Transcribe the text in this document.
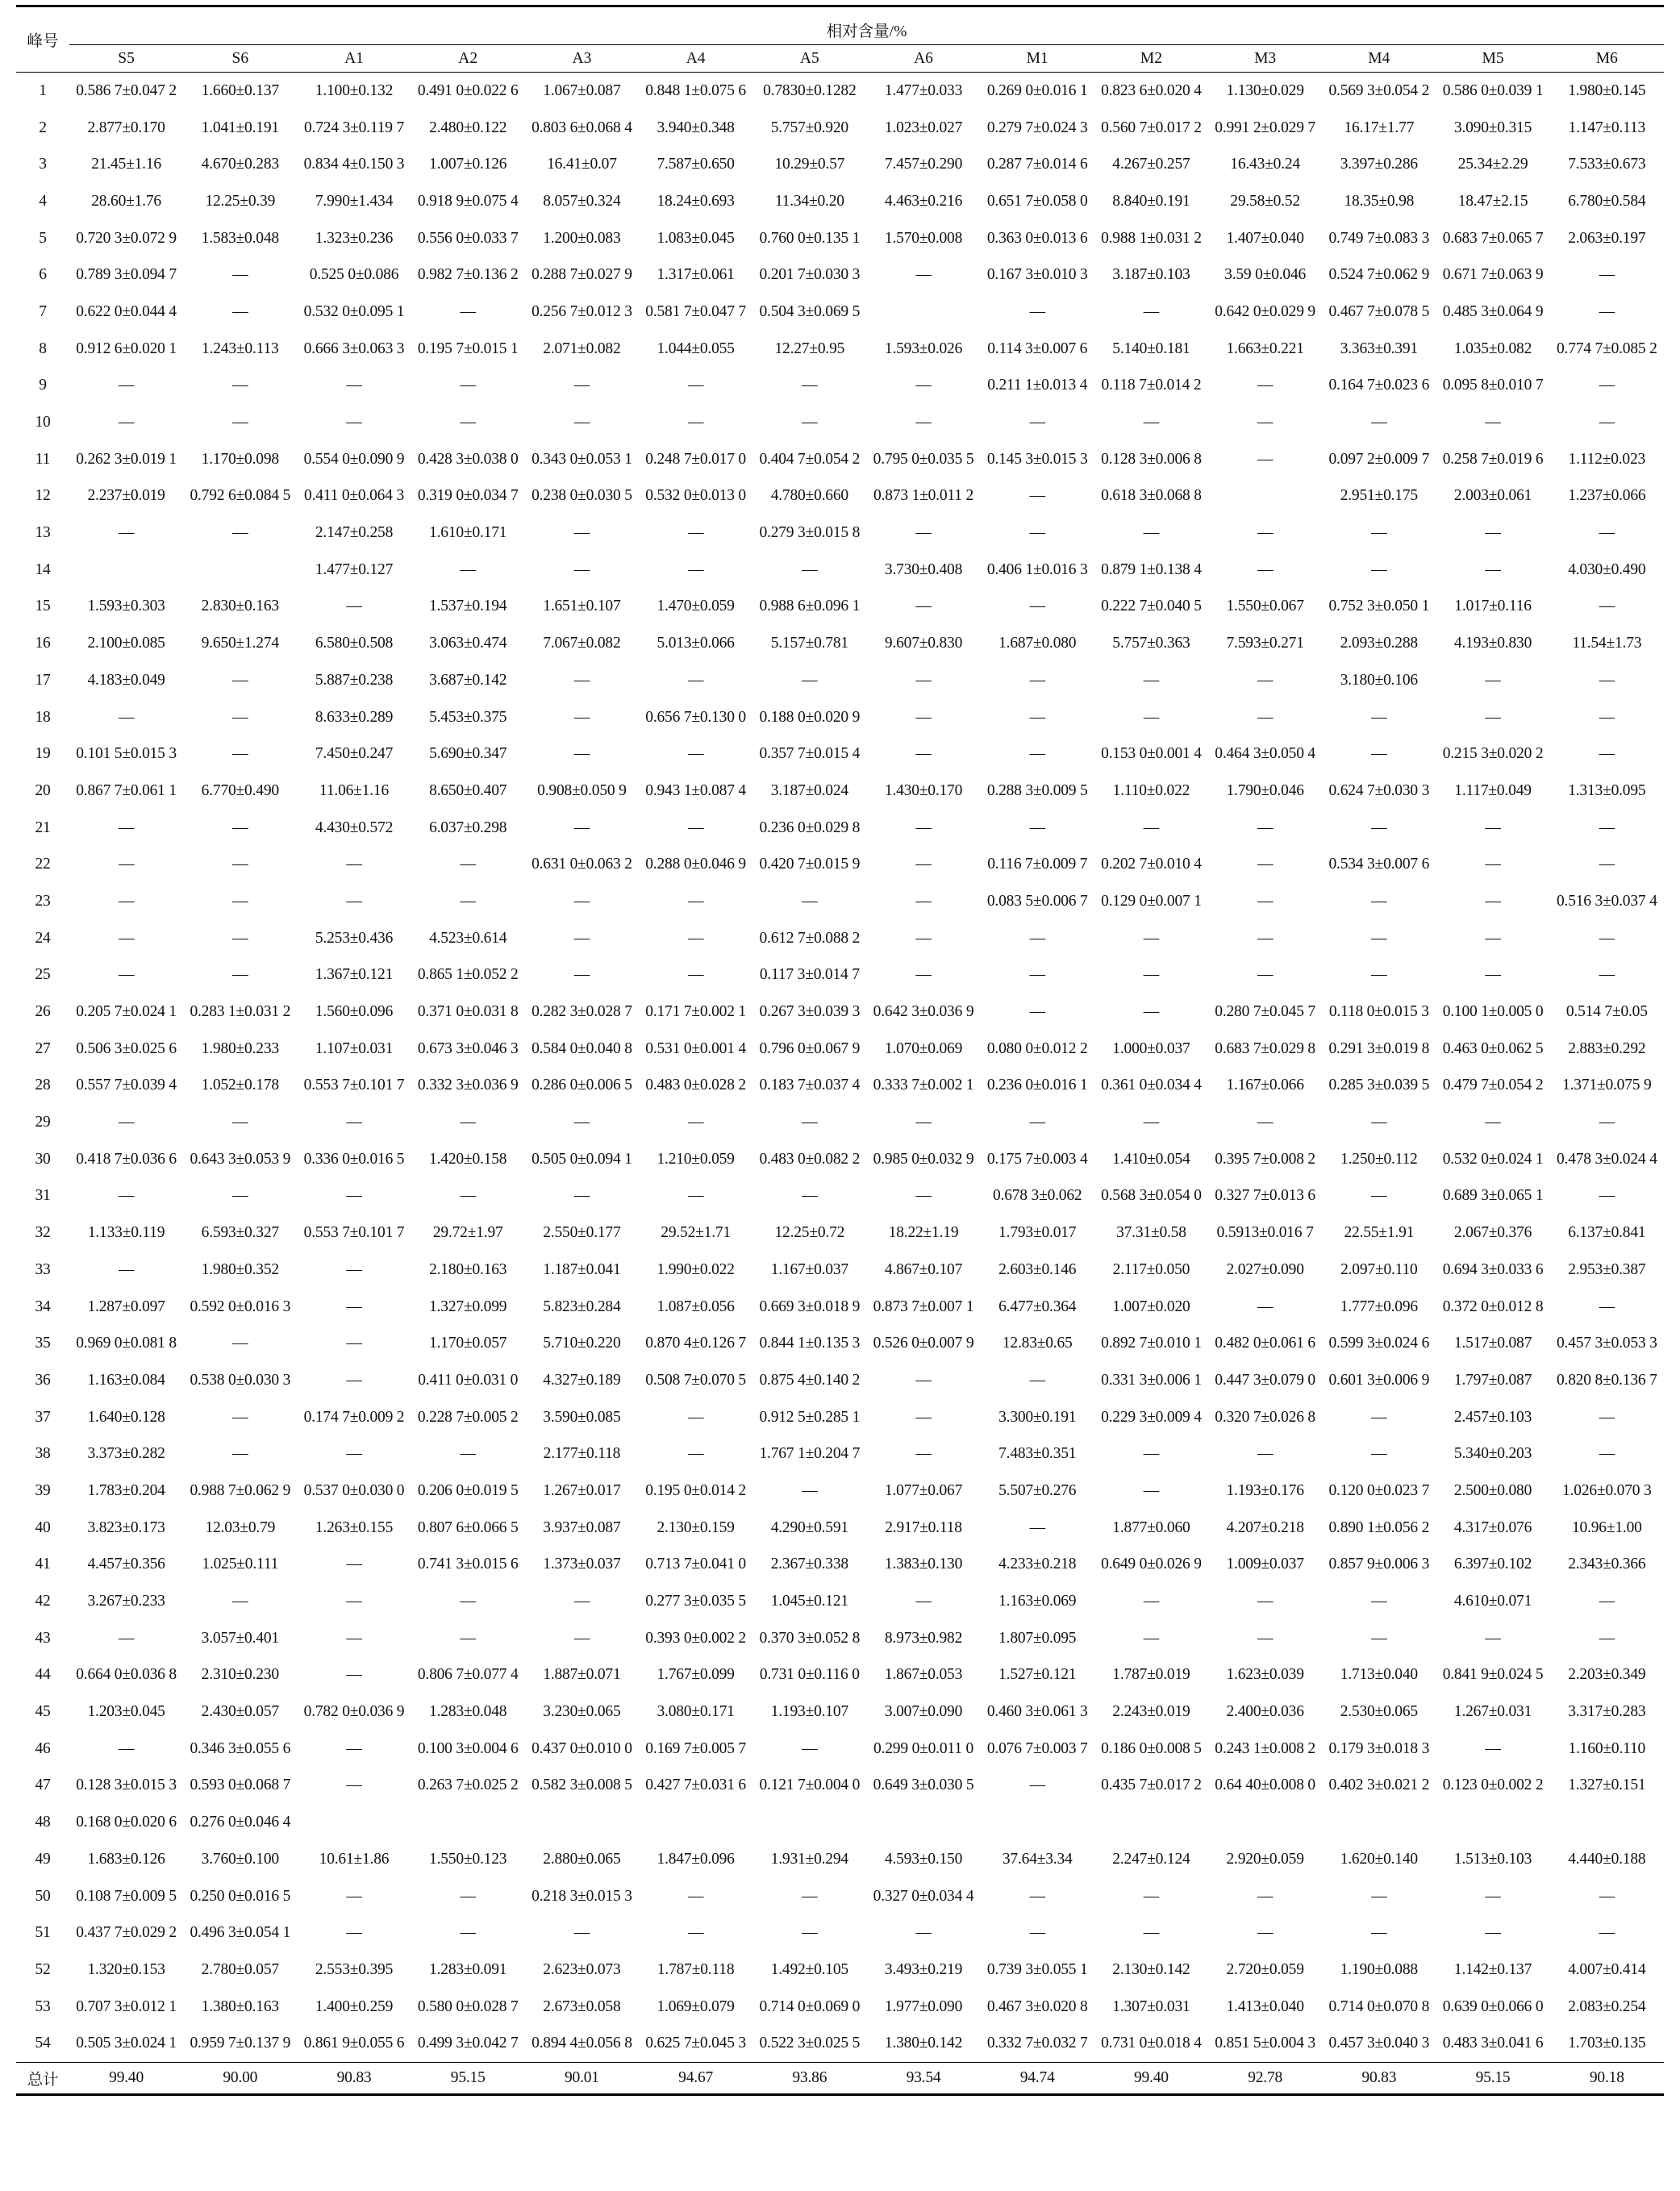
峰号	相对含量/%													
	S5	S6	A1	A2	A3	A4	A5	A6	M1	M2	M3	M4	M5	M6
1	0.586 7±0.047 2	1.660±0.137	1.100±0.132	0.491 0±0.022 6	1.067±0.087	0.848 1±0.075 6	0.7830±0.1282	1.477±0.033	0.269 0±0.016 1	0.823 6±0.020 4	1.130±0.029	0.569 3±0.054 2	0.586 0±0.039 1	1.980±0.145
2	2.877±0.170	1.041±0.191	0.724 3±0.119 7	2.480±0.122	0.803 6±0.068 4	3.940±0.348	5.757±0.920	1.023±0.027	0.279 7±0.024 3	0.560 7±0.017 2	0.991 2±0.029 7	16.17±1.77	3.090±0.315	1.147±0.113
3	21.45±1.16	4.670±0.283	0.834 4±0.150 3	1.007±0.126	16.41±0.07	7.587±0.650	10.29±0.57	7.457±0.290	0.287 7±0.014 6	4.267±0.257	16.43±0.24	3.397±0.286	25.34±2.29	7.533±0.673
4	28.60±1.76	12.25±0.39	7.990±1.434	0.918 9±0.075 4	8.057±0.324	18.24±0.693	11.34±0.20	4.463±0.216	0.651 7±0.058 0	8.840±0.191	29.58±0.52	18.35±0.98	18.47±2.15	6.780±0.584
5	0.720 3±0.072 9	1.583±0.048	1.323±0.236	0.556 0±0.033 7	1.200±0.083	1.083±0.045	0.760 0±0.135 1	1.570±0.008	0.363 0±0.013 6	0.988 1±0.031 2	1.407±0.040	0.749 7±0.083 3	0.683 7±0.065 7	2.063±0.197
6	0.789 3±0.094 7	—	0.525 0±0.086	0.982 7±0.136 2	0.288 7±0.027 9	1.317±0.061	0.201 7±0.030 3	—	0.167 3±0.010 3	3.187±0.103	3.59 0±0.046	0.524 7±0.062 9	0.671 7±0.063 9	—
7	0.622 0±0.044 4	—	0.532 0±0.095 1	—	0.256 7±0.012 3	0.581 7±0.047 7	0.504 3±0.069 5		—	—	0.642 0±0.029 9	0.467 7±0.078 5	0.485 3±0.064 9	—
8	0.912 6±0.020 1	1.243±0.113	0.666 3±0.063 3	0.195 7±0.015 1	2.071±0.082	1.044±0.055	12.27±0.95	1.593±0.026	0.114 3±0.007 6	5.140±0.181	1.663±0.221	3.363±0.391	1.035±0.082	0.774 7±0.085 2
9	—	—	—	—	—	—	—	—	0.211 1±0.013 4	0.118 7±0.014 2	—	0.164 7±0.023 6	0.095 8±0.010 7	—
10	—	—	—	—	—	—	—	—	—	—	—	—	—	—
11	0.262 3±0.019 1	1.170±0.098	0.554 0±0.090 9	0.428 3±0.038 0	0.343 0±0.053 1	0.248 7±0.017 0	0.404 7±0.054 2	0.795 0±0.035 5	0.145 3±0.015 3	0.128 3±0.006 8	—	0.097 2±0.009 7	0.258 7±0.019 6	1.112±0.023
12	2.237±0.019	0.792 6±0.084 5	0.411 0±0.064 3	0.319 0±0.034 7	0.238 0±0.030 5	0.532 0±0.013 0	4.780±0.660	0.873 1±0.011 2	—	0.618 3±0.068 8		2.951±0.175	2.003±0.061	1.237±0.066
13	—	—	2.147±0.258	1.610±0.171	—	—	0.279 3±0.015 8	—	—	—	—	—	—	—
14			1.477±0.127	—	—	—	—	3.730±0.408	0.406 1±0.016 3	0.879 1±0.138 4	—	—	—	4.030±0.490
15	1.593±0.303	2.830±0.163	—	1.537±0.194	1.651±0.107	1.470±0.059	0.988 6±0.096 1	—	—	0.222 7±0.040 5	1.550±0.067	0.752 3±0.050 1	1.017±0.116	—
16	2.100±0.085	9.650±1.274	6.580±0.508	3.063±0.474	7.067±0.082	5.013±0.066	5.157±0.781	9.607±0.830	1.687±0.080	5.757±0.363	7.593±0.271	2.093±0.288	4.193±0.830	11.54±1.73
17	4.183±0.049	—	5.887±0.238	3.687±0.142	—	—	—	—	—	—	—	3.180±0.106	—	—
18	—	—	8.633±0.289	5.453±0.375	—	0.656 7±0.130 0	0.188 0±0.020 9	—	—	—	—	—	—	—
19	0.101 5±0.015 3	—	7.450±0.247	5.690±0.347	—	—	0.357 7±0.015 4	—	—	0.153 0±0.001 4	0.464 3±0.050 4	—	0.215 3±0.020 2	—
20	0.867 7±0.061 1	6.770±0.490	11.06±1.16	8.650±0.407	0.908±0.050 9	0.943 1±0.087 4	3.187±0.024	1.430±0.170	0.288 3±0.009 5	1.110±0.022	1.790±0.046	0.624 7±0.030 3	1.117±0.049	1.313±0.095
21	—	—	4.430±0.572	6.037±0.298	—	—	0.236 0±0.029 8	—	—	—	—	—	—	—
22	—	—	—	—	0.631 0±0.063 2	0.288 0±0.046 9	0.420 7±0.015 9	—	0.116 7±0.009 7	0.202 7±0.010 4	—	0.534 3±0.007 6	—	—
23	—	—	—	—	—	—	—	—	0.083 5±0.006 7	0.129 0±0.007 1	—	—	—	0.516 3±0.037 4
24	—	—	5.253±0.436	4.523±0.614	—	—	0.612 7±0.088 2	—	—	—	—	—	—	—
25	—	—	1.367±0.121	0.865 1±0.052 2	—	—	0.117 3±0.014 7	—	—	—	—	—	—	—
26	0.205 7±0.024 1	0.283 1±0.031 2	1.560±0.096	0.371 0±0.031 8	0.282 3±0.028 7	0.171 7±0.002 1	0.267 3±0.039 3	0.642 3±0.036 9	—	—	0.280 7±0.045 7	0.118 0±0.015 3	0.100 1±0.005 0	0.514 7±0.05
27	0.506 3±0.025 6	1.980±0.233	1.107±0.031	0.673 3±0.046 3	0.584 0±0.040 8	0.531 0±0.001 4	0.796 0±0.067 9	1.070±0.069	0.080 0±0.012 2	1.000±0.037	0.683 7±0.029 8	0.291 3±0.019 8	0.463 0±0.062 5	2.883±0.292
28	0.557 7±0.039 4	1.052±0.178	0.553 7±0.101 7	0.332 3±0.036 9	0.286 0±0.006 5	0.483 0±0.028 2	0.183 7±0.037 4	0.333 7±0.002 1	0.236 0±0.016 1	0.361 0±0.034 4	1.167±0.066	0.285 3±0.039 5	0.479 7±0.054 2	1.371±0.075 9
29	—	—	—	—	—	—	—	—	—	—	—	—	—	—
30	0.418 7±0.036 6	0.643 3±0.053 9	0.336 0±0.016 5	1.420±0.158	0.505 0±0.094 1	1.210±0.059	0.483 0±0.082 2	0.985 0±0.032 9	0.175 7±0.003 4	1.410±0.054	0.395 7±0.008 2	1.250±0.112	0.532 0±0.024 1	0.478 3±0.024 4
31	—	—	—	—	—	—	—	—	0.678 3±0.062	0.568 3±0.054 0	0.327 7±0.013 6	—	0.689 3±0.065 1	—
32	1.133±0.119	6.593±0.327	0.553 7±0.101 7	29.72±1.97	2.550±0.177	29.52±1.71	12.25±0.72	18.22±1.19	1.793±0.017	37.31±0.58	0.5913±0.016 7	22.55±1.91	2.067±0.376	6.137±0.841
33	—	1.980±0.352	—	2.180±0.163	1.187±0.041	1.990±0.022	1.167±0.037	4.867±0.107	2.603±0.146	2.117±0.050	2.027±0.090	2.097±0.110	0.694 3±0.033 6	2.953±0.387
34	1.287±0.097	0.592 0±0.016 3	—	1.327±0.099	5.823±0.284	1.087±0.056	0.669 3±0.018 9	0.873 7±0.007 1	6.477±0.364	1.007±0.020	—	1.777±0.096	0.372 0±0.012 8	—
35	0.969 0±0.081 8	—	—	1.170±0.057	5.710±0.220	0.870 4±0.126 7	0.844 1±0.135 3	0.526 0±0.007 9	12.83±0.65	0.892 7±0.010 1	0.482 0±0.061 6	0.599 3±0.024 6	1.517±0.087	0.457 3±0.053 3
36	1.163±0.084	0.538 0±0.030 3	—	0.411 0±0.031 0	4.327±0.189	0.508 7±0.070 5	0.875 4±0.140 2	—	—	0.331 3±0.006 1	0.447 3±0.079 0	0.601 3±0.006 9	1.797±0.087	0.820 8±0.136 7
37	1.640±0.128	—	0.174 7±0.009 2	0.228 7±0.005 2	3.590±0.085	—	0.912 5±0.285 1	—	3.300±0.191	0.229 3±0.009 4	0.320 7±0.026 8	—	2.457±0.103	—
38	3.373±0.282	—	—	—	2.177±0.118	—	1.767 1±0.204 7	—	7.483±0.351	—	—	—	5.340±0.203	—
39	1.783±0.204	0.988 7±0.062 9	0.537 0±0.030 0	0.206 0±0.019 5	1.267±0.017	0.195 0±0.014 2	—	1.077±0.067	5.507±0.276	—	1.193±0.176	0.120 0±0.023 7	2.500±0.080	1.026±0.070 3
40	3.823±0.173	12.03±0.79	1.263±0.155	0.807 6±0.066 5	3.937±0.087	2.130±0.159	4.290±0.591	2.917±0.118	—	1.877±0.060	4.207±0.218	0.890 1±0.056 2	4.317±0.076	10.96±1.00
41	4.457±0.356	1.025±0.111	—	0.741 3±0.015 6	1.373±0.037	0.713 7±0.041 0	2.367±0.338	1.383±0.130	4.233±0.218	0.649 0±0.026 9	1.009±0.037	0.857 9±0.006 3	6.397±0.102	2.343±0.366
42	3.267±0.233	—	—	—	—	0.277 3±0.035 5	1.045±0.121	—	1.163±0.069	—	—	—	4.610±0.071	—
43	—	3.057±0.401	—	—	—	0.393 0±0.002 2	0.370 3±0.052 8	8.973±0.982	1.807±0.095	—	—	—	—	—
44	0.664 0±0.036 8	2.310±0.230	—	0.806 7±0.077 4	1.887±0.071	1.767±0.099	0.731 0±0.116 0	1.867±0.053	1.527±0.121	1.787±0.019	1.623±0.039	1.713±0.040	0.841 9±0.024 5	2.203±0.349
45	1.203±0.045	2.430±0.057	0.782 0±0.036 9	1.283±0.048	3.230±0.065	3.080±0.171	1.193±0.107	3.007±0.090	0.460 3±0.061 3	2.243±0.019	2.400±0.036	2.530±0.065	1.267±0.031	3.317±0.283
46	—	0.346 3±0.055 6	—	0.100 3±0.004 6	0.437 0±0.010 0	0.169 7±0.005 7	—	0.299 0±0.011 0	0.076 7±0.003 7	0.186 0±0.008 5	0.243 1±0.008 2	0.179 3±0.018 3	—	1.160±0.110
47	0.128 3±0.015 3	0.593 0±0.068 7	—	0.263 7±0.025 2	0.582 3±0.008 5	0.427 7±0.031 6	0.121 7±0.004 0	0.649 3±0.030 5	—	0.435 7±0.017 2	0.64 40±0.008 0	0.402 3±0.021 2	0.123 0±0.002 2	1.327±0.151
48	0.168 0±0.020 6	0.276 0±0.046 4												
49	1.683±0.126	3.760±0.100	10.61±1.86	1.550±0.123	2.880±0.065	1.847±0.096	1.931±0.294	4.593±0.150	37.64±3.34	2.247±0.124	2.920±0.059	1.620±0.140	1.513±0.103	4.440±0.188
50	0.108 7±0.009 5	0.250 0±0.016 5	—	—	0.218 3±0.015 3	—	—	0.327 0±0.034 4	—	—	—	—	—	—
51	0.437 7±0.029 2	0.496 3±0.054 1	—	—	—	—	—	—	—	—	—	—	—	—
52	1.320±0.153	2.780±0.057	2.553±0.395	1.283±0.091	2.623±0.073	1.787±0.118	1.492±0.105	3.493±0.219	0.739 3±0.055 1	2.130±0.142	2.720±0.059	1.190±0.088	1.142±0.137	4.007±0.414
53	0.707 3±0.012 1	1.380±0.163	1.400±0.259	0.580 0±0.028 7	2.673±0.058	1.069±0.079	0.714 0±0.069 0	1.977±0.090	0.467 3±0.020 8	1.307±0.031	1.413±0.040	0.714 0±0.070 8	0.639 0±0.066 0	2.083±0.254
54	0.505 3±0.024 1	0.959 7±0.137 9	0.861 9±0.055 6	0.499 3±0.042 7	0.894 4±0.056 8	0.625 7±0.045 3	0.522 3±0.025 5	1.380±0.142	0.332 7±0.032 7	0.731 0±0.018 4	0.851 5±0.004 3	0.457 3±0.040 3	0.483 3±0.041 6	1.703±0.135
总计	99.40	90.00	90.83	95.15	90.01	94.67	93.86	93.54	94.74	99.40	92.78	90.83	95.15	90.18
